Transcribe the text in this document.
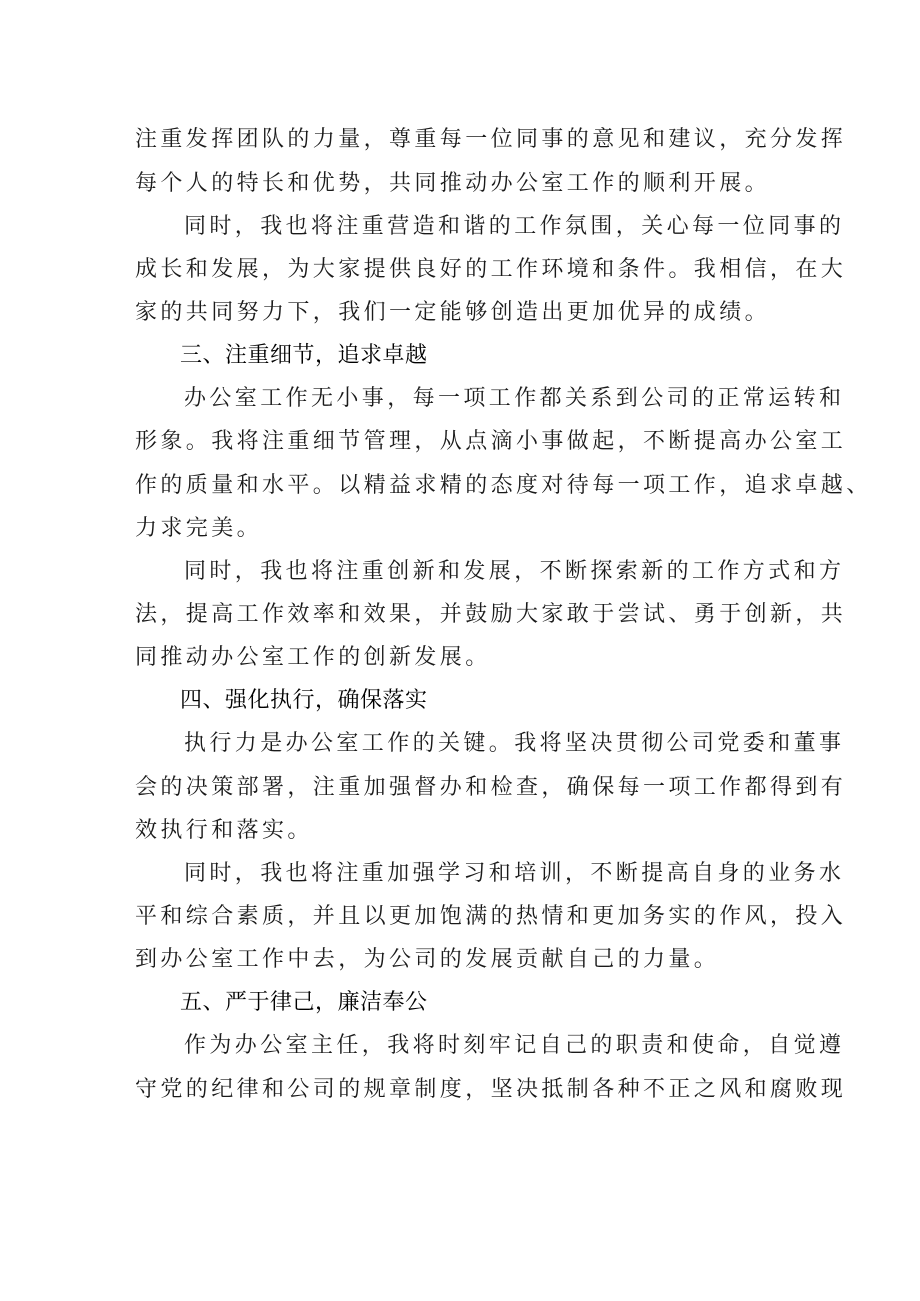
注重发挥团队的力量，尊重每一位同事的意见和建议，充分发挥
每个人的特长和优势，共同推动办公室工作的顺利开展。
同时，我也将注重营造和谐的工作氛围，关心每一位同事的
成长和发展，为大家提供良好的工作环境和条件。我相信，在大
家的共同努力下，我们一定能够创造出更加优异的成绩。
三、注重细节，追求卓越
办公室工作无小事，每一项工作都关系到公司的正常运转和
形象。我将注重细节管理，从点滴小事做起，不断提高办公室工
作的质量和水平。以精益求精的态度对待每一项工作，追求卓越、
力求完美。
同时，我也将注重创新和发展，不断探索新的工作方式和方
法，提高工作效率和效果，并鼓励大家敢于尝试、勇于创新，共
同推动办公室工作的创新发展。
四、强化执行，确保落实
执行力是办公室工作的关键。我将坚决贯彻公司党委和董事
会的决策部署，注重加强督办和检查，确保每一项工作都得到有
效执行和落实。
同时，我也将注重加强学习和培训，不断提高自身的业务水
平和综合素质，并且以更加饱满的热情和更加务实的作风，投入
到办公室工作中去，为公司的发展贡献自己的力量。
五、严于律己，廉洁奉公
作为办公室主任，我将时刻牢记自己的职责和使命，自觉遵
守党的纪律和公司的规章制度，坚决抵制各种不正之风和腐败现
